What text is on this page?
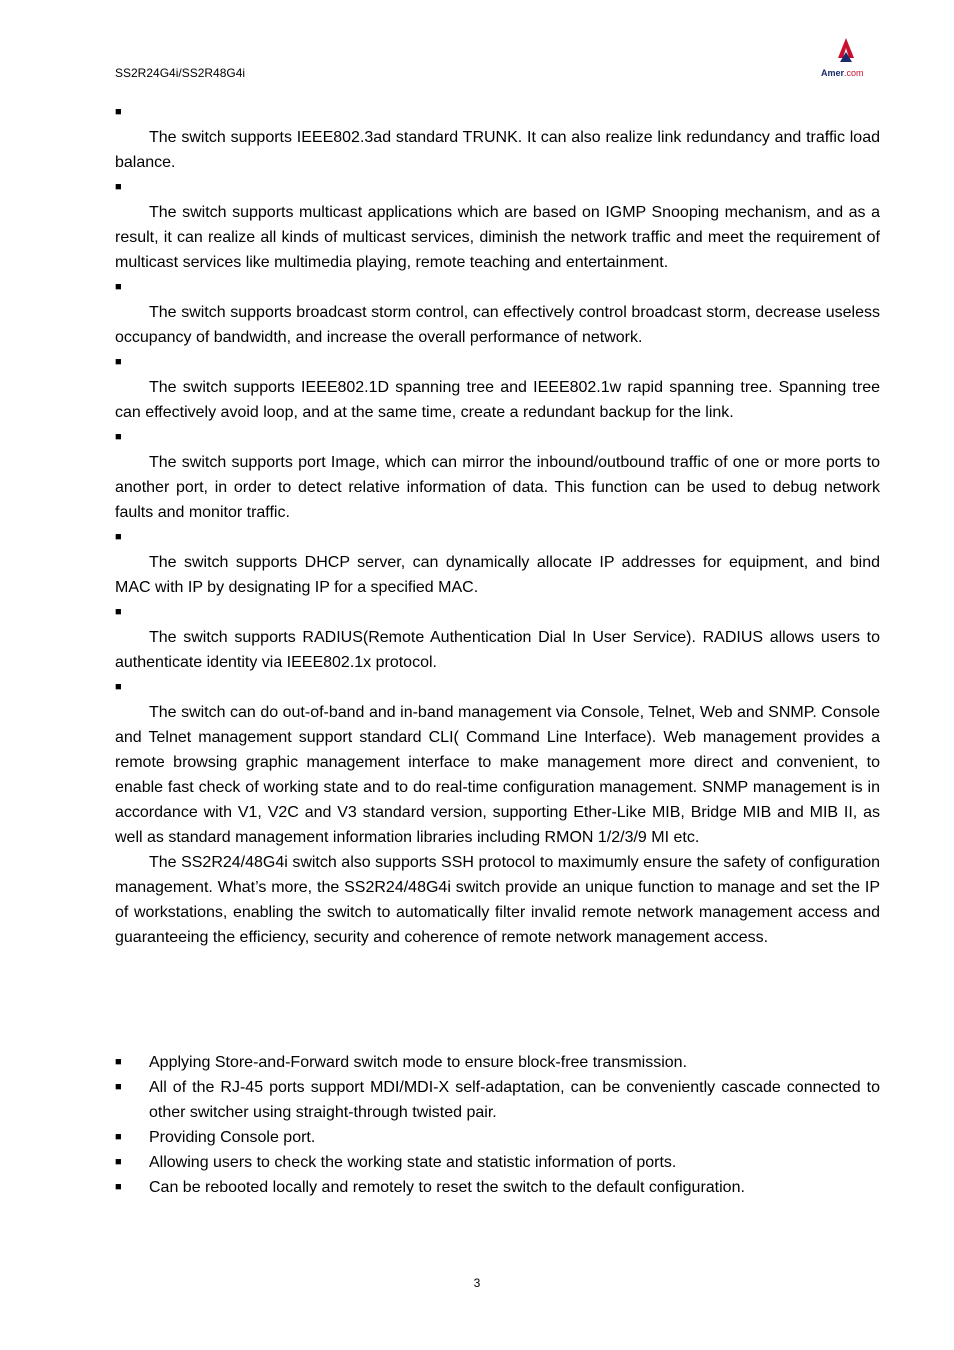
SS2R24G4i/SS2R48G4i	Amer .com
■

The switch supports IEEE802.3ad standard TRUNK. It can also realize link redundancy and traffic load balance.

■

The switch supports multicast applications which are based on IGMP Snooping mechanism, and as a result, it can realize all kinds of multicast services, diminish the network traffic and meet the requirement of multicast services like multimedia playing, remote teaching and entertainment.

■

The switch supports broadcast storm control, can effectively control broadcast storm, decrease useless occupancy of bandwidth, and increase the overall performance of network.

■

The switch supports IEEE802.1D spanning tree and IEEE802.1w rapid spanning tree. Spanning tree can effectively avoid loop, and at the same time, create a redundant backup for the link.

■

The switch supports port Image, which can mirror the inbound/outbound traffic of one or more ports to another port, in order to detect relative information of data. This function can be used to debug network faults and monitor traffic.

■

The switch supports DHCP server, can dynamically allocate IP addresses for equipment, and bind MAC with IP by designating IP for a specified MAC.

■

The switch supports RADIUS(Remote Authentication Dial In User Service). RADIUS allows users to authenticate identity via IEEE802.1x protocol.

■

The switch can do out-of-band and in-band management via Console, Telnet, Web and SNMP. Console and Telnet management support standard CLI( Command Line Interface). Web management provides a remote browsing graphic management interface to make management more direct and convenient, to enable fast check of working state and to do real-time configuration management. SNMP management is in accordance with V1, V2C and V3 standard version, supporting Ether-Like MIB, Bridge MIB and MIB II, as well as standard management information libraries including RMON 1/2/3/9 MI etc.

The SS2R24/48G4i switch also supports SSH protocol to maximumly ensure the safety of configuration management. What’s more, the SS2R24/48G4i switch provide an unique function to manage and set the IP of workstations, enabling the switch to automatically filter invalid remote network management access and guaranteeing the efficiency, security and coherence of remote network management access.

■ Applying Store-and-Forward switch mode to ensure block-free transmission.
■ All of the RJ-45 ports support MDI/MDI-X self-adaptation, can be conveniently cascade connected to other switcher using straight-through twisted pair.
■ Providing Console port.
■ Allowing users to check the working state and statistic information of ports.
■ Can be rebooted locally and remotely to reset the switch to the default configuration.
3
